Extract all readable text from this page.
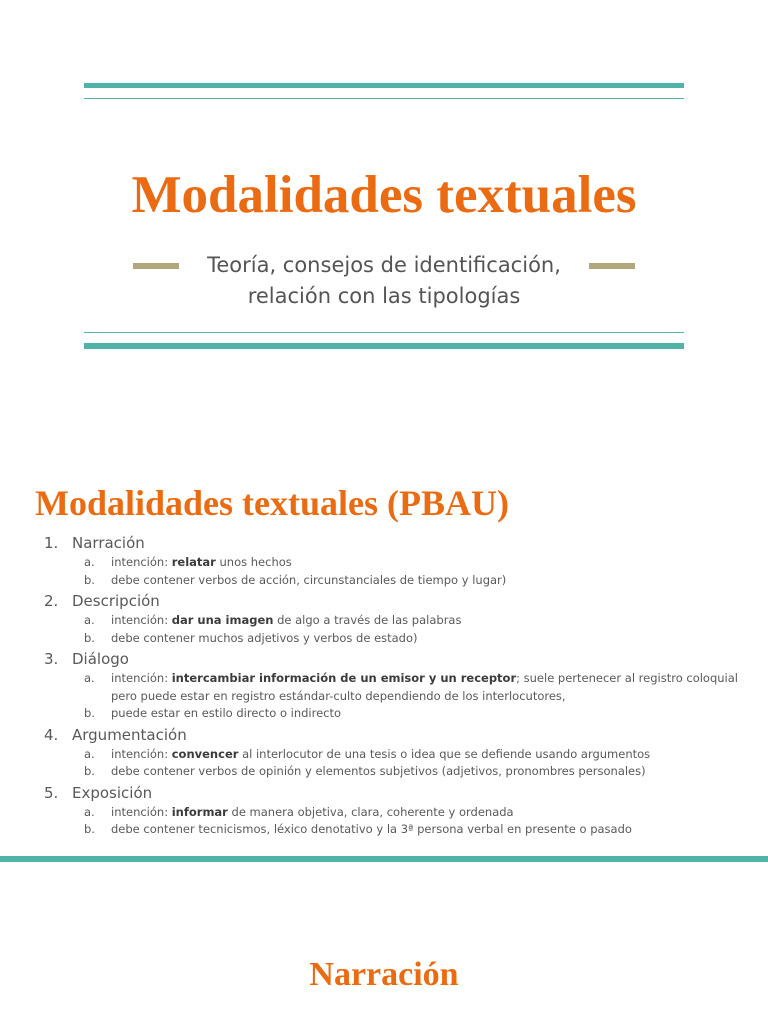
Modalidades textuales

Teoría, consejos de identificación, relación con las tipologías

Modalidades textuales (PBAU)
1. Narración
a. intención: relatar unos hechos
b. debe contener verbos de acción, circunstanciales de tiempo y lugar)
2. Descripción
a. intención: dar una imagen de algo a través de las palabras
b. debe contener muchos adjetivos y verbos de estado)
3. Diálogo
a. intención: intercambiar información de un emisor y un receptor; suele pertenecer al registro coloquial pero puede estar en registro estándar-culto dependiendo de los interlocutores,
b. puede estar en estilo directo o indirecto
4. Argumentación
a. intención: convencer al interlocutor de una tesis o idea que se defiende usando argumentos
b. debe contener verbos de opinión y elementos subjetivos (adjetivos, pronombres personales)
5. Exposición
a. intención: informar de manera objetiva, clara, coherente y ordenada
b. debe contener tecnicismos, léxico denotativo y la 3ª persona verbal en presente o pasado
Narración
